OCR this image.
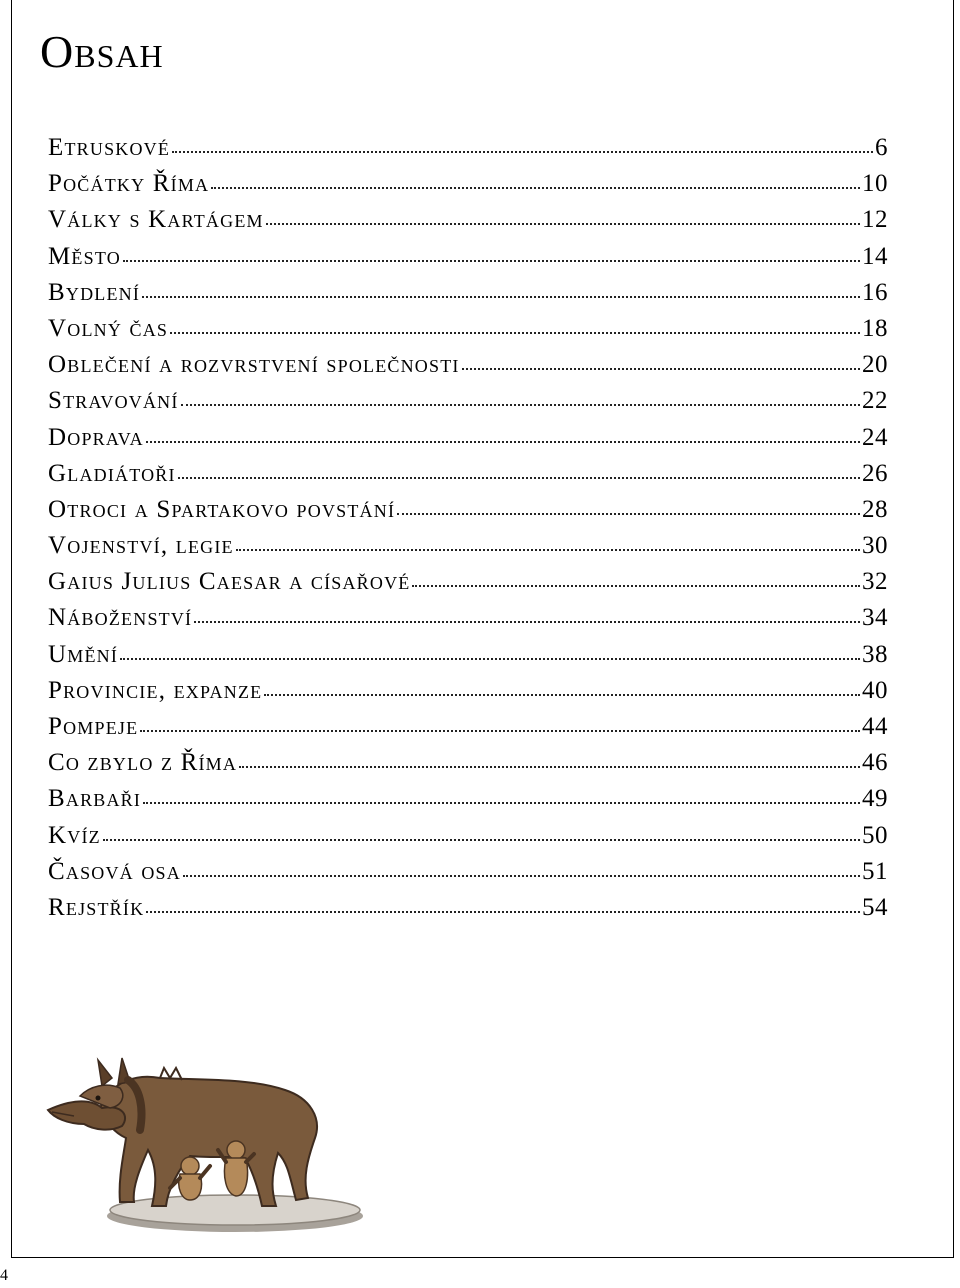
Obsah
Etruskové	6
Počátky Říma	10
Války s Kartágem	12
Město	14
Bydlení	16
Volný čas	18
Oblečení a rozvrstvení společnosti	20
Stravování	22
Doprava	24
Gladiátoři	26
Otroci a Spartakovo povstání	28
Vojenství, legie	30
Gaius Julius Caesar a císařové	32
Náboženství	34
Umění	38
Provincie, expanze	40
Pompeje	44
Co zbylo z Říma	46
Barbaři	49
Kvíz	50
Časová osa	51
Rejstřík	54
4
